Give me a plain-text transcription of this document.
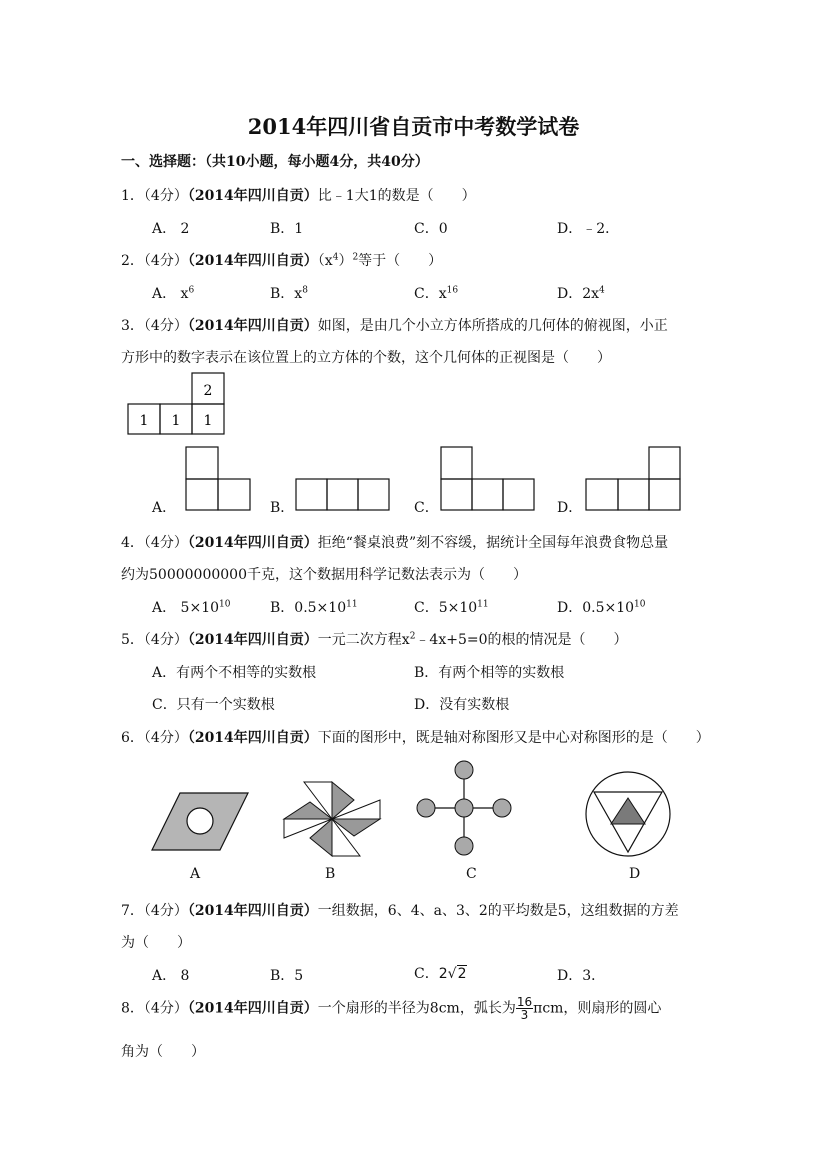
2014年四川省自贡市中考数学试卷
一、选择题：（共10小题，每小题4分，共40分）
1．（4分）（2014年四川自贡）比﹣1大1的数是（　　）
A． 2	B．1	C．0	D．﹣2．
2．（4分）（2014年四川自贡）$(x^4)^2$等于（　　）
A． $x^6$	B．$x^8$	C．$x^{16}$	D．$2x^4$
3．（4分）（2014年四川自贡）如图，是由几个小立方体所搭成的几何体的俯视图，小正
方形中的数字表示在该位置上的立方体的个数，这个几何体的正视图是（　　）
2
1 1 1
A．	B．	C．	D．
4．（4分）（2014年四川自贡）拒绝“餐桌浪费”刻不容缓，据统计全国每年浪费食物总量
约为50000000000千克，这个数据用科学记数法表示为（　　）
A． $5\times 10^{10}$	B．$0.5\times 10^{11}$	C．$5\times 10^{11}$	D．$0.5\times 10^{10}$
5．（4分）（2014年四川自贡）一元二次方程$x^2﹣4x+5=0$的根的情况是（　　）
A．有两个不相等的实数根	B．有两个相等的实数根
C．只有一个实数根	D．没有实数根
6．（4分）（2014年四川自贡）下面的图形中，既是轴对称图形又是中心对称图形的是（　　）
A	B	C	D
7．（4分）（2014年四川自贡）一组数据，6、4、a、3、2的平均数是5，这组数据的方差
为（　　）
A． 8	B．5	C．2√2	D．3．
8．（4分）（2014年四川自贡）一个扇形的半径为8cm，弧长为 $\frac{16}{3}$ πcm，则扇形的圆心
角为（　　）
